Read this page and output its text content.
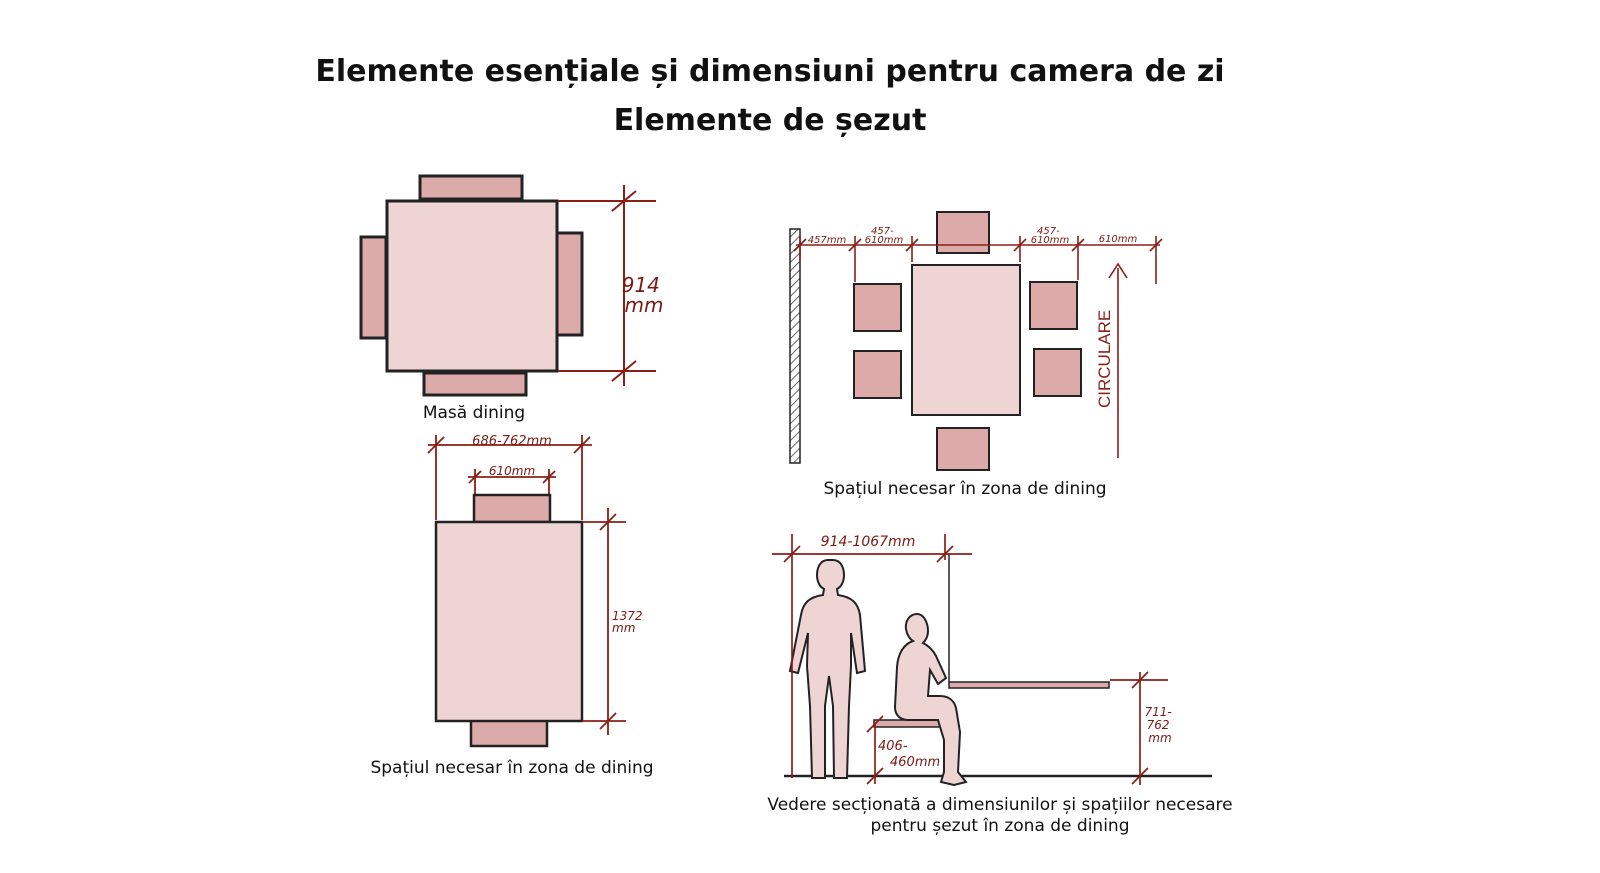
Elemente esențiale și dimensiuni pentru camera de zi
Elemente de șezut
914 mm
686-762mm
610mm
1372 mm
457mm
457- 610mm
457- 610mm	610mm
CIRCULARE
914-1067mm
711- 762 mm
406- 460mm
Masă dining
Spațiul necesar în zona de dining
Spațiul necesar în zona de dining
Vedere secționată a dimensiunilor și spațiilor necesare pentru șezut în zona de dining
